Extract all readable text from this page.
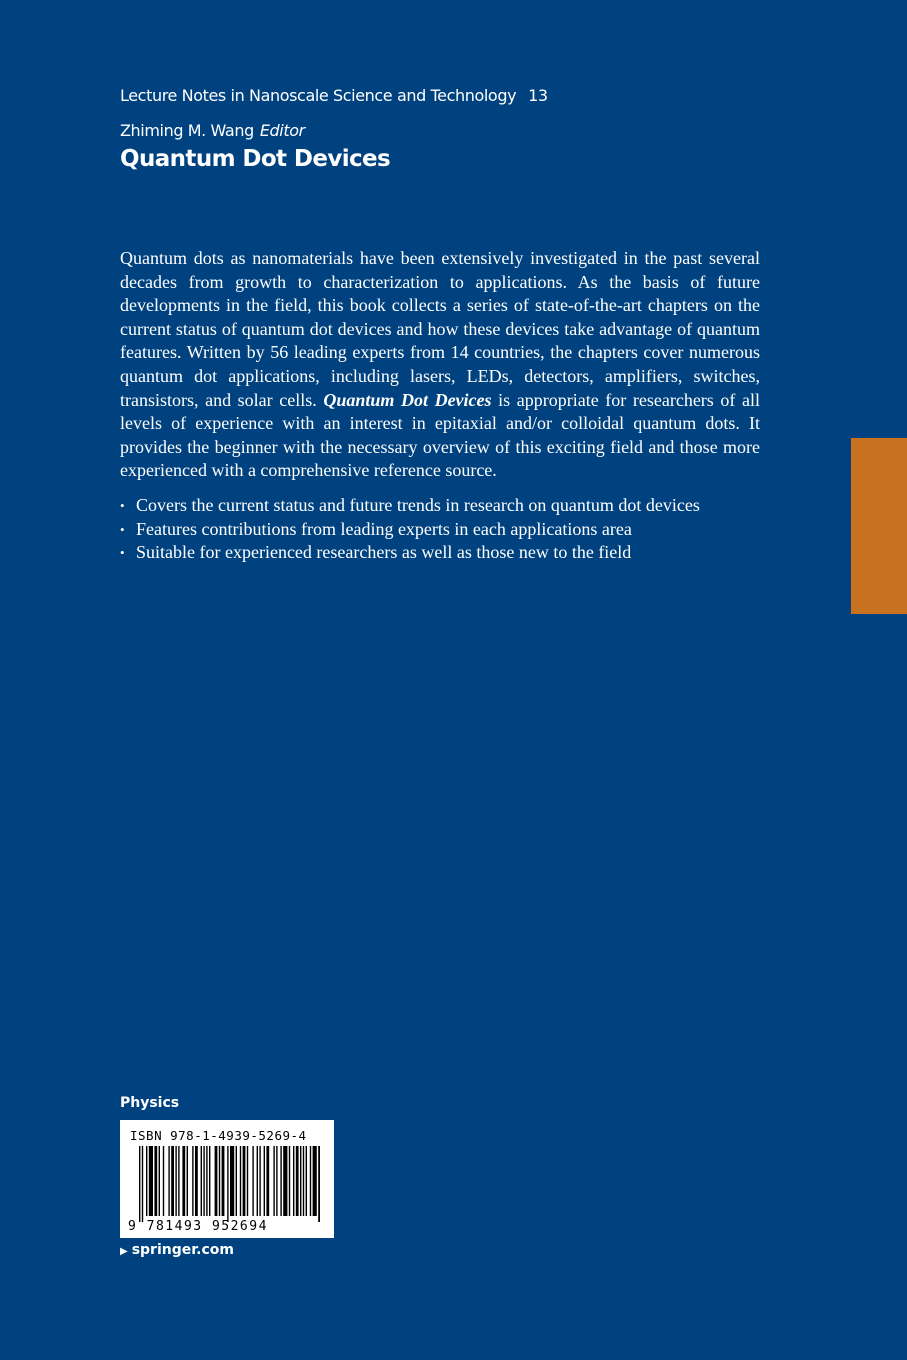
Lecture Notes in Nanoscale Science and Technology 13
Zhiming M. Wang Editor
Quantum Dot Devices

Quantum dots as nanomaterials have been extensively investigated in the past several decades from growth to characterization to applications. As the basis of future developments in the field, this book collects a series of state-of-the-art chapters on the current status of quantum dot devices and how these devices take advantage of quantum features. Written by 56 leading experts from 14 countries, the chapters cover numerous quantum dot applications, including lasers, LEDs, detectors, amplifiers, switches, transistors, and solar cells. Quantum Dot Devices is appropriate for researchers of all levels of experience with an interest in epitaxial and/or colloidal quantum dots. It provides the beginner with the necessary overview of this exciting field and those more experienced with a comprehensive reference source.

• Covers the current status and future trends in research on quantum dot devices
• Features contributions from leading experts in each applications area
• Suitable for experienced researchers as well as those new to the field
Physics
ISBN 978-1-4939-5269-4
9 781493 952694
▶ springer.com
